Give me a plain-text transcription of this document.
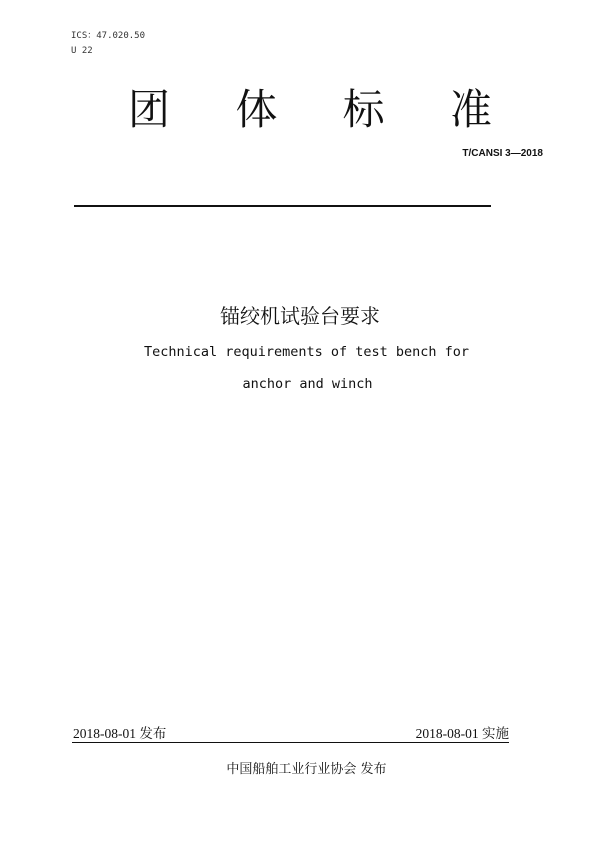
ICS：47.020.50
U 22
团 体 标 准
T/CANSI 3—2018
锚绞机试验台要求
Technical requirements of test bench for
anchor and winch
2018-08-01 发布	2018-08-01 实施
中国船舶工业行业协会 发布
